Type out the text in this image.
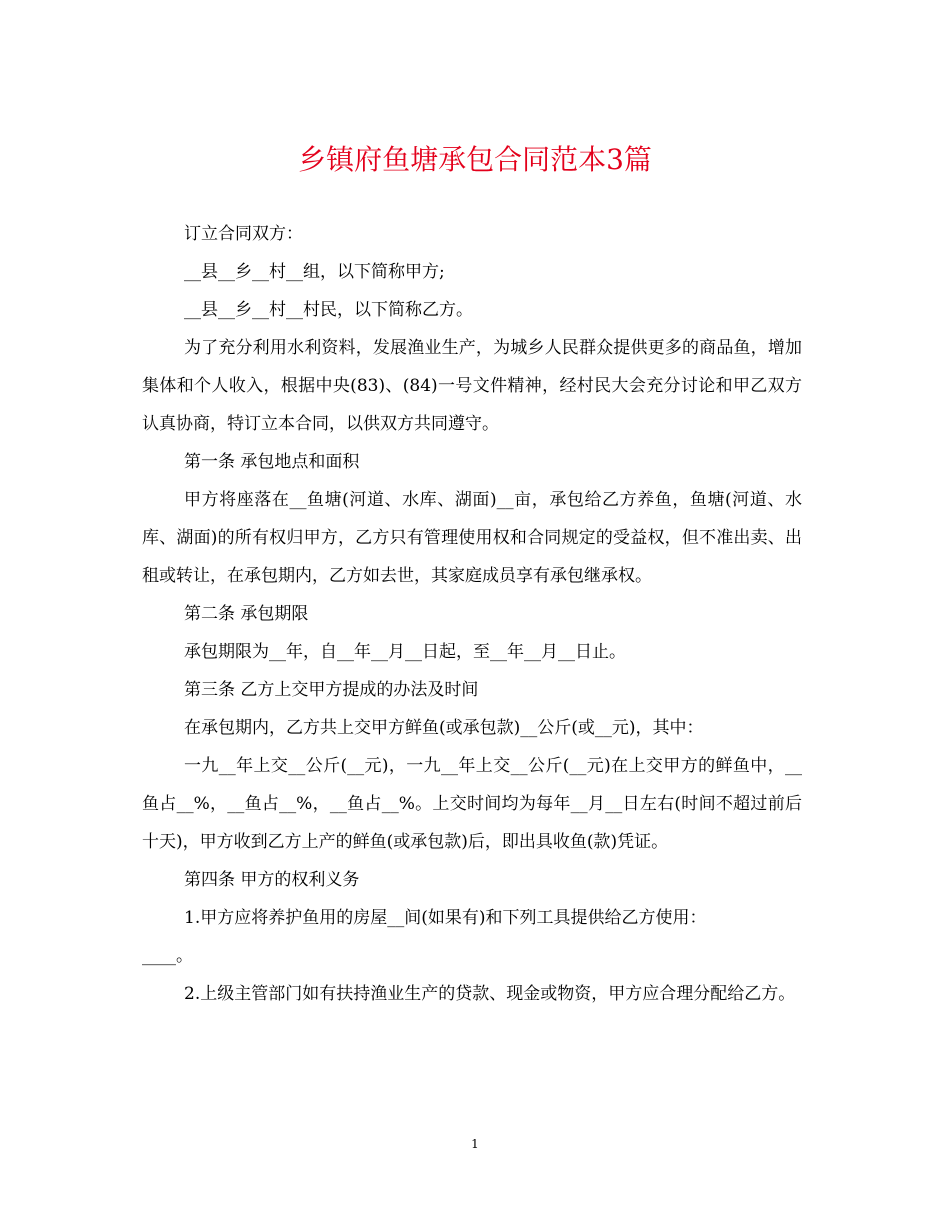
乡镇府鱼塘承包合同范本3篇

订立合同双方：

__县__乡__村__组，以下简称甲方;

__县__乡__村__村民，以下简称乙方。

为了充分利用水利资料，发展渔业生产，为城乡人民群众提供更多的商品鱼，增加集体和个人收入，根据中央(83)、(84)一号文件精神，经村民大会充分讨论和甲乙双方认真协商，特订立本合同，以供双方共同遵守。

第一条 承包地点和面积

甲方将座落在__鱼塘(河道、水库、湖面)__亩，承包给乙方养鱼，鱼塘(河道、水库、湖面)的所有权归甲方，乙方只有管理使用权和合同规定的受益权，但不准出卖、出租或转让，在承包期内，乙方如去世，其家庭成员享有承包继承权。

第二条 承包期限

承包期限为__年，自__年__月__日起，至__年__月__日止。

第三条 乙方上交甲方提成的办法及时间

在承包期内，乙方共上交甲方鲜鱼(或承包款)__公斤(或__元)，其中：

一九__年上交__公斤(__元)，一九__年上交__公斤(__元)在上交甲方的鲜鱼中，__鱼占__%，__鱼占__%，__鱼占__%。上交时间均为每年__月__日左右(时间不超过前后十天)，甲方收到乙方上产的鲜鱼(或承包款)后，即出具收鱼(款)凭证。

第四条 甲方的权利义务

1.甲方应将养护鱼用的房屋__间(如果有)和下列工具提供给乙方使用：

____。

2.上级主管部门如有扶持渔业生产的贷款、现金或物资，甲方应合理分配给乙方。

1
